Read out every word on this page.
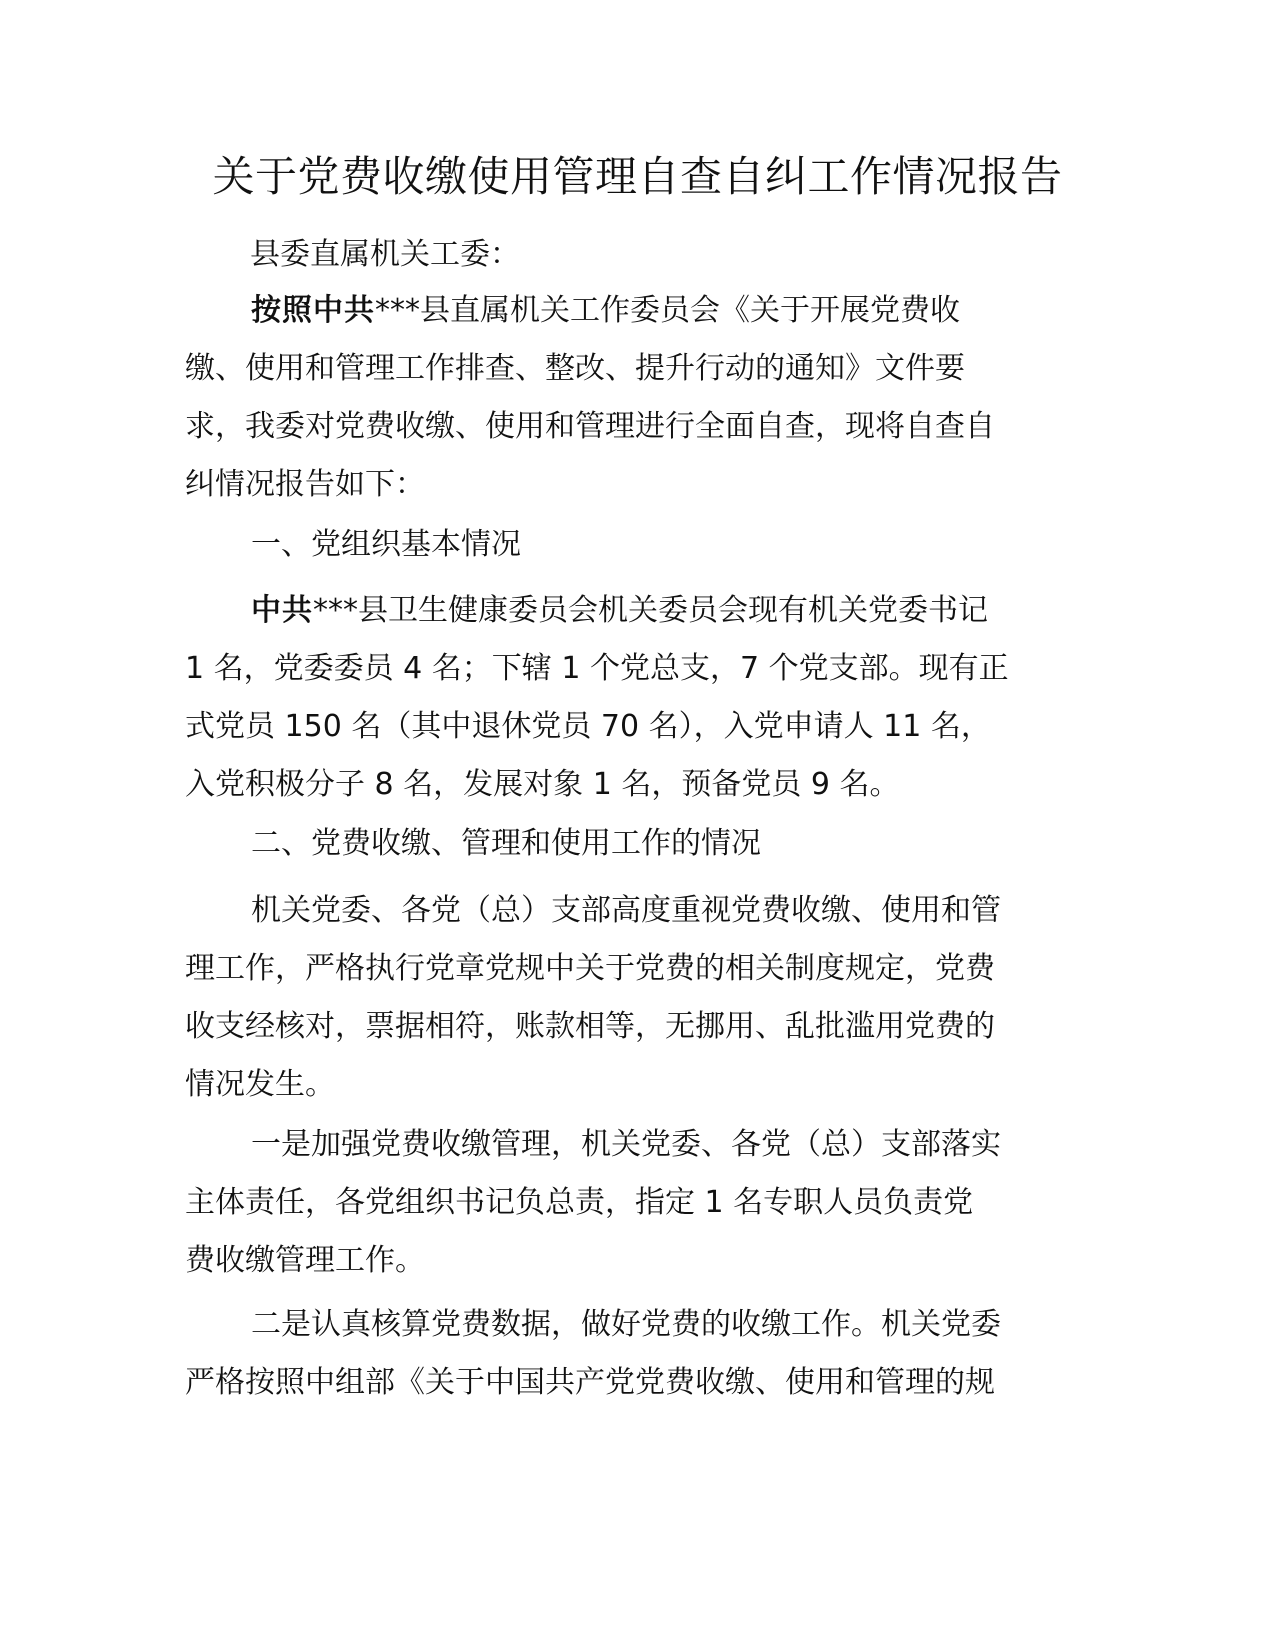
关于党费收缴使用管理自查自纠工作情况报告

县委直属机关工委：

按照中共***县直属机关工作委员会《关于开展党费收
缴、使用和管理工作排查、整改、提升行动的通知》文件要
求，我委对党费收缴、使用和管理进行全面自查，现将自查自
纠情况报告如下：

一、党组织基本情况

中共***县卫生健康委员会机关委员会现有机关党委书记
1 名，党委委员 4 名；下辖 1 个党总支，7 个党支部。现有正
式党员 150 名（其中退休党员 70 名），入党申请人 11 名，
入党积极分子 8 名，发展对象 1 名，预备党员 9 名。

二、党费收缴、管理和使用工作的情况

机关党委、各党（总）支部高度重视党费收缴、使用和管
理工作，严格执行党章党规中关于党费的相关制度规定，党费
收支经核对，票据相符，账款相等，无挪用、乱批滥用党费的
情况发生。

一是加强党费收缴管理，机关党委、各党（总）支部落实
主体责任，各党组织书记负总责，指定 1 名专职人员负责党
费收缴管理工作。

二是认真核算党费数据，做好党费的收缴工作。机关党委
严格按照中组部《关于中国共产党党费收缴、使用和管理的规
